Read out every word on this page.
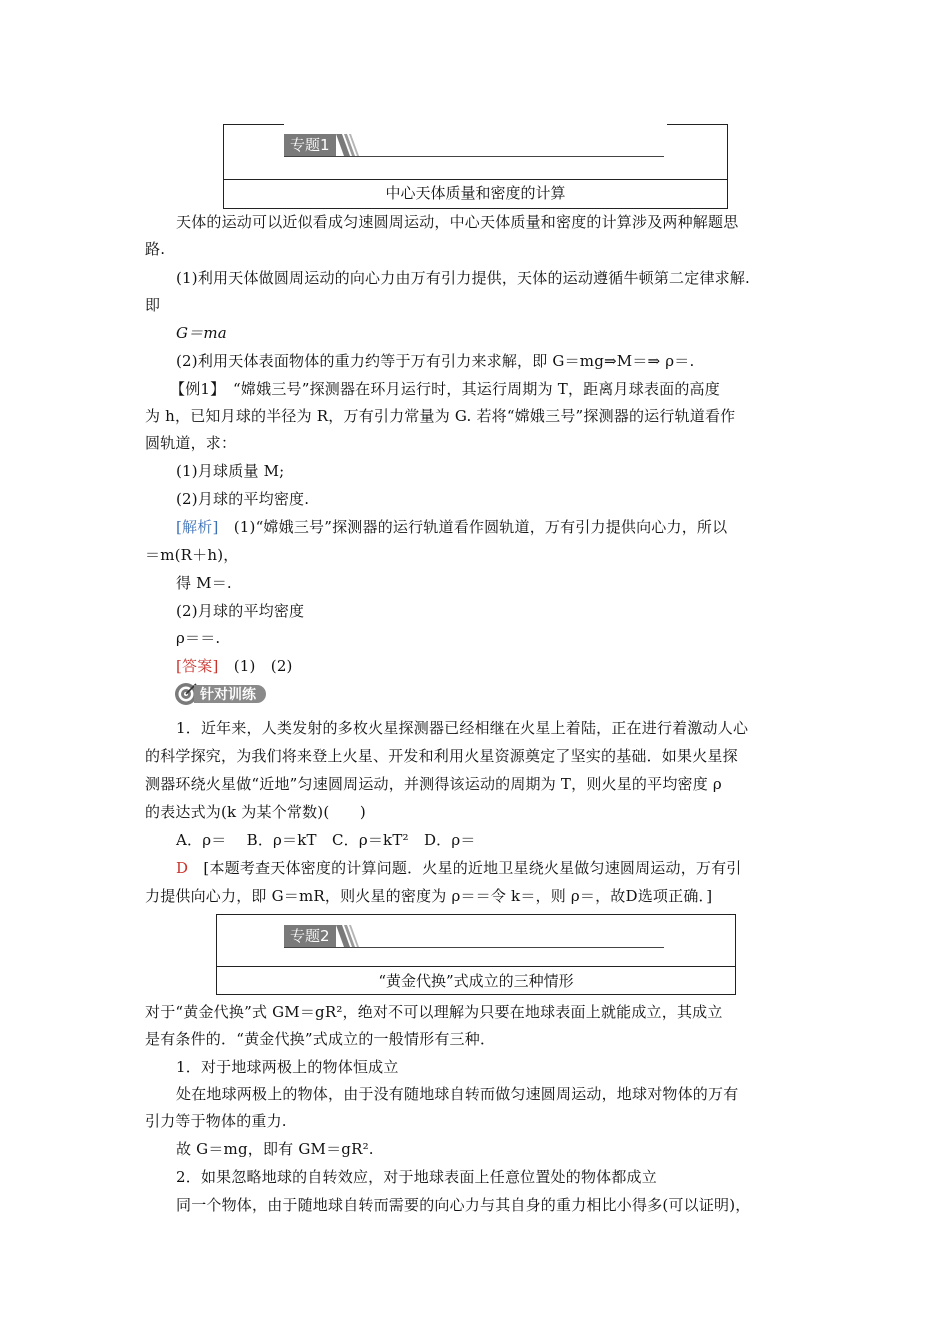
中心天体质量和密度的计算
专题1
天体的运动可以近似看成匀速圆周运动，中心天体质量和密度的计算涉及两种解题思
路.
(1)利用天体做圆周运动的向心力由万有引力提供，天体的运动遵循牛顿第二定律求解.
即
G＝ma
(2)利用天体表面物体的重力约等于万有引力来求解，即 G＝mg⇒M＝⇒ ρ＝.
【例1】　“嫦娥三号”探测器在环月运行时，其运行周期为 T，距离月球表面的高度
为 h，已知月球的半径为 R，万有引力常量为 G. 若将“嫦娥三号”探测器的运行轨道看作
圆轨道，求：
(1)月球质量 M;
(2)月球的平均密度.
[解析]　(1)“嫦娥三号”探测器的运行轨道看作圆轨道，万有引力提供向心力，所以
＝m(R＋h)，
得 M＝.
(2)月球的平均密度
ρ＝＝.
[答案]　(1)　(2)
针对训练
1．近年来，人类发射的多枚火星探测器已经相继在火星上着陆，正在进行着激动人心
的科学探究，为我们将来登上火星、开发和利用火星资源奠定了坚实的基础．如果火星探
测器环绕火星做“近地”匀速圆周运动，并测得该运动的周期为 T，则火星的平均密度 ρ
的表达式为(k 为某个常数)(　　)
A．ρ＝　 B．ρ＝kT　C．ρ＝kT²　D．ρ＝
D　[本题考查天体密度的计算问题．火星的近地卫星绕火星做匀速圆周运动，万有引
力提供向心力，即 G＝mR，则火星的密度为 ρ＝＝令 k＝，则 ρ＝，故D选项正确．]
“黄金代换”式成立的三种情形
专题2
对于“黄金代换”式 GM＝gR²，绝对不可以理解为只要在地球表面上就能成立，其成立
是有条件的．“黄金代换”式成立的一般情形有三种．
1．对于地球两极上的物体恒成立
处在地球两极上的物体，由于没有随地球自转而做匀速圆周运动，地球对物体的万有
引力等于物体的重力.
故 G＝mg，即有 GM＝gR².
2．如果忽略地球的自转效应，对于地球表面上任意位置处的物体都成立
同一个物体，由于随地球自转而需要的向心力与其自身的重力相比小得多(可以证明)，
